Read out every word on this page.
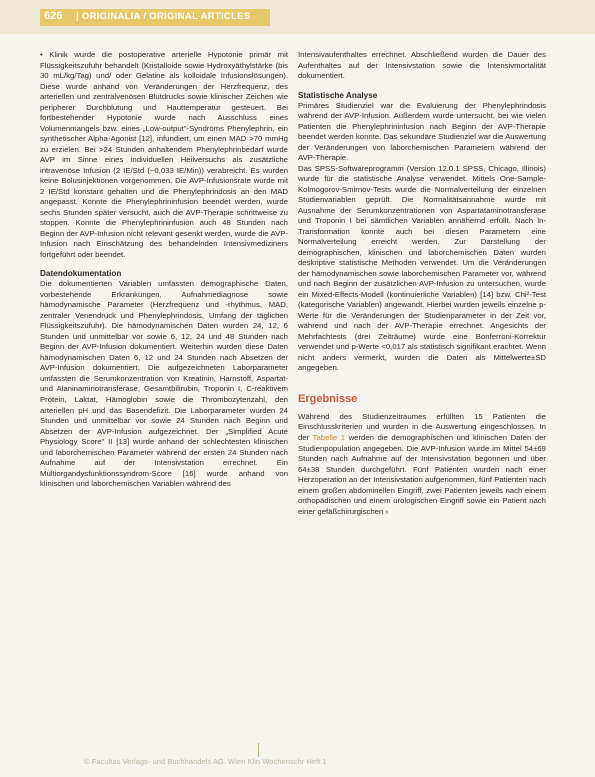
626 | ORIGINALIA / ORIGINAL ARTICLES

• Klinik wurde die postoperative arterielle Hypotonie primär mit Flüssigkeitszufuhr behandelt (Kristalloide sowie Hydroxyäthylstärke (bis 30 mL/kg/Tag) und/ oder Gelatine als kolloidale Infusionslösungen). Diese wurde anhand von Veränderungen der Herzfrequenz, des arteriellen und zentralvenösen Blutdrucks sowie klinischer Zeichen wie peripherer Durchblutung und Hauttemperatur gesteuert. Bei fortbestehender Hypotonie wurde nach Ausschluss eines Volumenmangels bzw. eines „Low-output"-Syndroms Phenylephrin, ein synthetischer Alpha-Agonist [12], infundiert, um einen MAD >70 mmHg zu erzielen. Bei >24 Stunden anhaltendem Phenylephrinbedarf wurde AVP im Sinne eines individuellen Heilversuchs als zusätzliche intravenöse Infusion (2 IE/Std (~0,033 IE/Min)) verabreicht. Es wurden keine Bolusinjektionen vorgenommen. Die AVP-Infusionsrate wurde mit 2 IE/Std konstant gehalten und die Phenylephrindosis an den MAD angepasst. Konnte die Phenylephrininfusion beendet werden, wurde sechs Stunden später versucht, auch die AVP-Therapie schrittweise zu stoppen. Konnte die Phenylephrininfusion auch 48 Stunden nach Beginn der AVP-Infusion nicht relevant gesenkt werden, wurde die AVP-Infusion nach Einschätzung des behandelnden Intensivmediziners fortgeführt oder beendet.

Datendokumentation

Die dokumentierten Variablen umfassten demographische Daten, vorbestehende Erkrankungen, Aufnahmediagnose sowie hämodynamische Parameter (Herzfrequenz und -rhythmus, MAD, zentraler Venendruck und Phenylephrindosis, Umfang der täglichen Flüssigkeitszufuhr). Die hämodynamischen Daten wurden 24, 12, 6 Stunden und unmittelbar vor sowie 6, 12, 24 und 48 Stunden nach Beginn der AVP-Infusion dokumentiert. Weiterhin wurden diese Daten hämodynamischen Daten 6, 12 und 24 Stunden nach Absetzen der AVP-Infusion dokumentiert. Die aufgezeichneten Laborparameter umfassten die Serumkonzentration von Kreatinin, Harnstoff, Aspartat- und Alaninaminotransferase, Gesamtbilirubin, Troponin I, C-reaktivem Protein, Laktat, Hämoglobin sowie die Thrombozytenzahl, den arteriellen pH und das Basendefizit. Die Laborparameter wurden 24 Stunden und unmittelbar vor sowie 24 Stunden nach Beginn und Absetzen der AVP-Infusion aufgezeichnet. Der „Simplified Acute Physiology Score" II [13] wurde anhand der schlechtesten klinischen und laborchemischen Parameter während der ersten 24 Stunden nach Aufnahme auf der Intensivstation errechnet. Ein Multiorgandysfunktionssyndrom-Score [16] wurde anhand von klinischen und laborchemischen Variablen während des

Intensivaufenthaltes errechnet. Abschließend wurden die Dauer des Aufenthaltes auf der Intensivstation sowie die Intensivmortalität dokumentiert.

Statistische Analyse

Primäres Studienziel war die Evaluierung der Phenylephrindosis während der AVP-Infusion. Außerdem wurde untersucht, bei wie vielen Patienten die Phenylephrininfusion nach Beginn der AVP-Therapie beendet werden konnte. Das sekundäre Studienziel war die Auswertung der Veränderungen von laborchemischen Parametern während der AVP-Therapie.

Das SPSS-Softwareprogramm (Version 12.0.1 SPSS, Chicago, Illinois) wurde für die statistische Analyse verwendet. Mittels One-Sample-Kolmogorov-Smirnov-Tests wurde die Normalverteilung der einzelnen Studienvariablen geprüft. Die Normalitätsannahme wurde mit Ausnahme der Serumkonzentrationen von Aspartataminotransferase und Troponin I bei sämtlichen Variablen annähernd erfüllt. Nach ln-Transformation konnte auch bei diesen Parametern eine Normalverteilung erreicht werden. Zur Darstellung der demographischen, klinischen und laborchemischen Daten wurden deskriptive statistische Methoden verwendet. Um die Veränderungen der hämodynamischen sowie laborchemischen Parameter vor, während und nach Beginn der zusätzlichen AVP-Infusion zu untersuchen, wurde ein Mixed-Effects-Modell (kontinuierliche Variablen) [14] bzw. Chi²-Test (kategorische Variablen) angewandt. Hierbei wurden jeweils einzelne p-Werte für die Veränderungen der Studienparameter in der Zeit vor, während und nach der AVP-Therapie errechnet. Angesichts der Mehrfachtests (drei Zeiträume) wurde eine Bonferroni-Korrektur verwendet und p-Werte <0,017 als statistisch signifikant erachtet. Wenn nicht anders vermerkt, wurden die Daten als Mittelwerte±SD angegeben.

Ergebnisse

Während des Studienzeitraumes erfüllten 15 Patienten die Einschlusskriterien und wurden in die Auswertung eingeschlossen. In der Tabelle 1 werden die demographischen und klinischen Daten der Studienpopulation angegeben. Die AVP-Infusion wurde im Mittel 54±69 Stunden nach Aufnahme auf der Intensivstation begonnen und über 64±38 Stunden durchgeführt. Fünf Patienten wurden nach einer Herzoperation an der Intensivstation aufgenommen, fünf Patienten nach einem großen abdominellen Eingriff, zwei Patienten jeweils nach einem orthopädischen und einem urologischen Eingriff sowie ein Patient nach einer gefäßchirurgischen ›

© Facultas Verlags- und Buchhandels AG. Wien Klin Wochenschr Heft 1
